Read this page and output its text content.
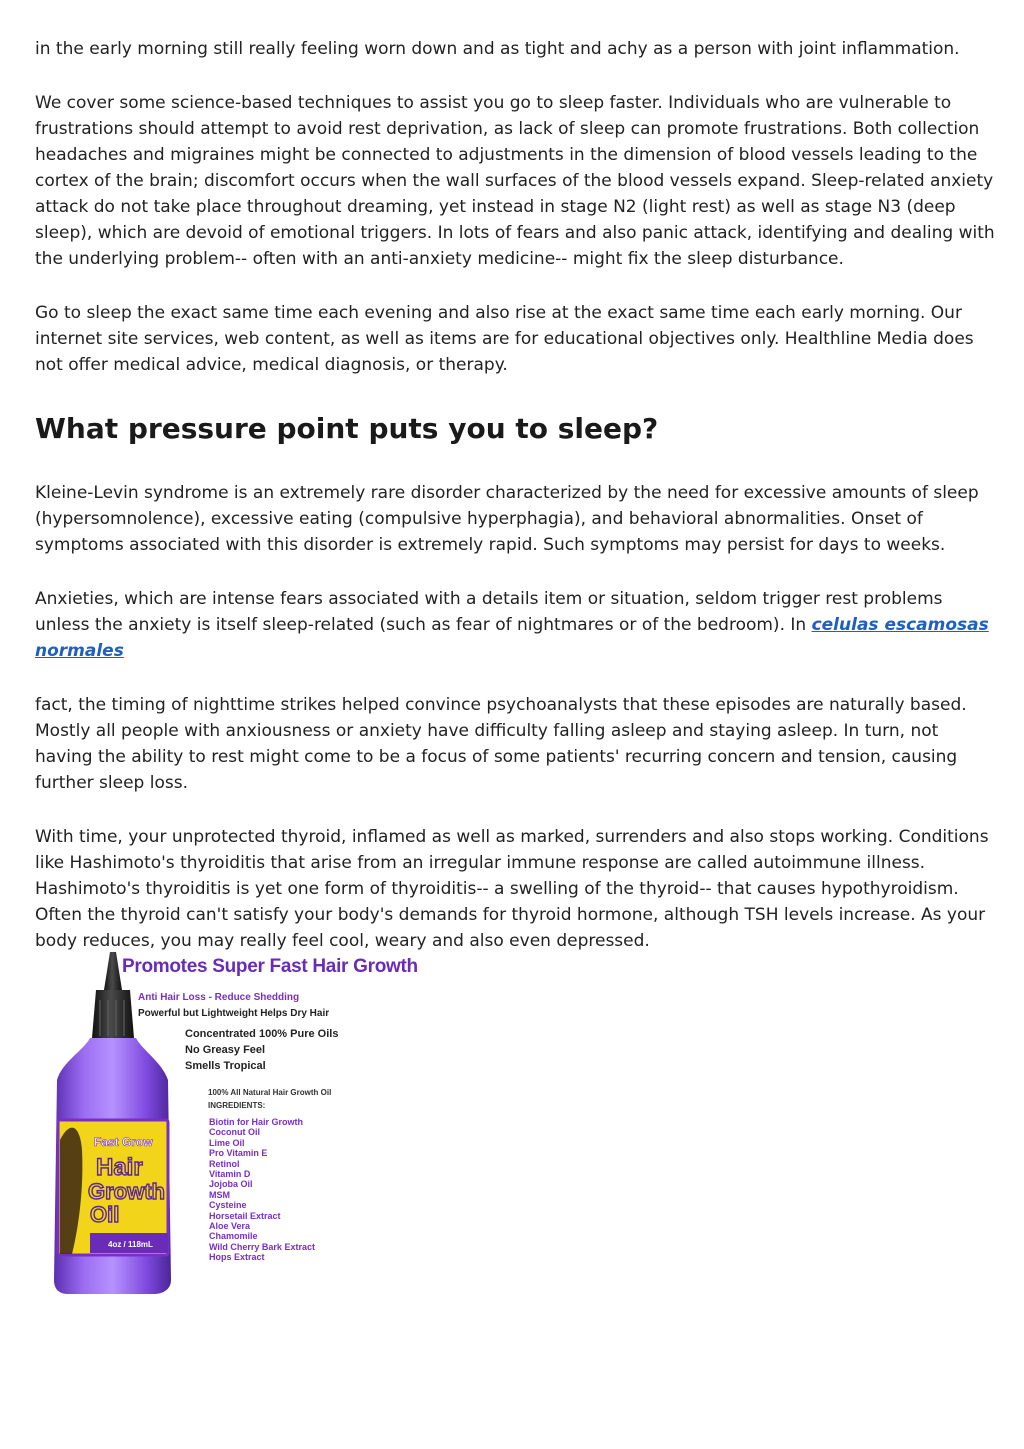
in the early morning still really feeling worn down and as tight and achy as a person with joint inflammation.

We cover some science-based techniques to assist you go to sleep faster. Individuals who are vulnerable to frustrations should attempt to avoid rest deprivation, as lack of sleep can promote frustrations. Both collection headaches and migraines might be connected to adjustments in the dimension of blood vessels leading to the cortex of the brain; discomfort occurs when the wall surfaces of the blood vessels expand. Sleep-related anxiety attack do not take place throughout dreaming, yet instead in stage N2 (light rest) as well as stage N3 (deep sleep), which are devoid of emotional triggers. In lots of fears and also panic attack, identifying and dealing with the underlying problem-- often with an anti-anxiety medicine-- might fix the sleep disturbance.

Go to sleep the exact same time each evening and also rise at the exact same time each early morning. Our internet site services, web content, as well as items are for educational objectives only. Healthline Media does not offer medical advice, medical diagnosis, or therapy.

What pressure point puts you to sleep?

Kleine-Levin syndrome is an extremely rare disorder characterized by the need for excessive amounts of sleep (hypersomnolence), excessive eating (compulsive hyperphagia), and behavioral abnormalities. Onset of symptoms associated with this disorder is extremely rapid. Such symptoms may persist for days to weeks.

Anxieties, which are intense fears associated with a details item or situation, seldom trigger rest problems unless the anxiety is itself sleep-related (such as fear of nightmares or of the bedroom). In celulas escamosas normales

fact, the timing of nighttime strikes helped convince psychoanalysts that these episodes are naturally based. Mostly all people with anxiousness or anxiety have difficulty falling asleep and staying asleep. In turn, not having the ability to rest might come to be a focus of some patients' recurring concern and tension, causing further sleep loss.

With time, your unprotected thyroid, inflamed as well as marked, surrenders and also stops working. Conditions like Hashimoto's thyroiditis that arise from an irregular immune response are called autoimmune illness. Hashimoto's thyroiditis is yet one form of thyroiditis-- a swelling of the thyroid-- that causes hypothyroidism. Often the thyroid can't satisfy your body's demands for thyroid hormone, although TSH levels increase. As your body reduces, you may really feel cool, weary and also even depressed.

Fast Grow
Hair
Growth
Oil
4oz / 118mL
Promotes Super Fast Hair Growth
Anti Hair Loss - Reduce Shedding
Powerful but Lightweight Helps Dry Hair
Concentrated 100% Pure Oils
No Greasy Feel
Smells Tropical
100% All Natural Hair Growth Oil
INGREDIENTS:
Biotin for Hair Growth
Coconut Oil
Lime Oil
Pro Vitamin E
Retinol
Vitamin D
Jojoba Oil
MSM
Cysteine
Horsetail Extract
Aloe Vera
Chamomile
Wild Cherry Bark Extract
Hops Extract
